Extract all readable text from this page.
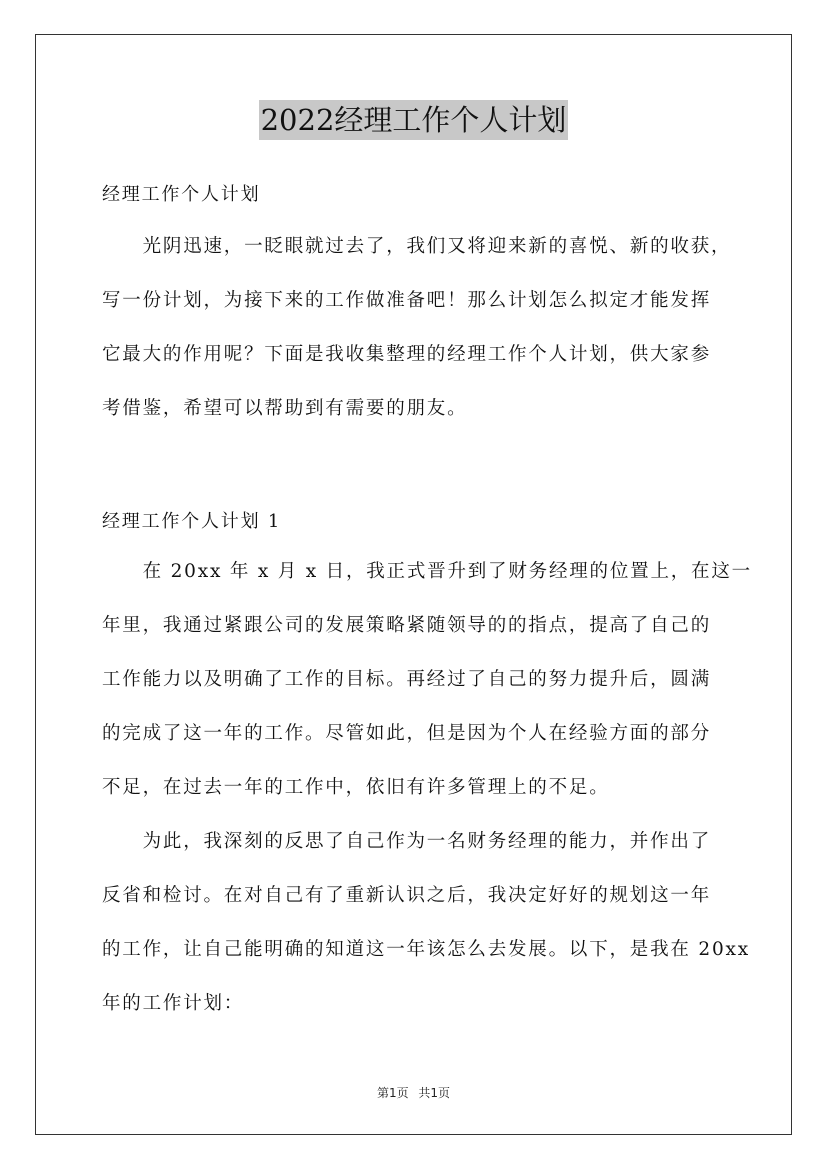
2022经理工作个人计划

经理工作个人计划

　　光阴迅速，一眨眼就过去了，我们又将迎来新的喜悦、新的收获，
写一份计划，为接下来的工作做准备吧！那么计划怎么拟定才能发挥
它最大的作用呢？下面是我收集整理的经理工作个人计划，供大家参
考借鉴，希望可以帮助到有需要的朋友。

经理工作个人计划 1

　　在 20xx 年 x 月 x 日，我正式晋升到了财务经理的位置上，在这一
年里，我通过紧跟公司的发展策略紧随领导的的指点，提高了自己的
工作能力以及明确了工作的目标。再经过了自己的努力提升后，圆满
的完成了这一年的工作。尽管如此，但是因为个人在经验方面的部分
不足，在过去一年的工作中，依旧有许多管理上的不足。
　　为此，我深刻的反思了自己作为一名财务经理的能力，并作出了
反省和检讨。在对自己有了重新认识之后，我决定好好的规划这一年
的工作，让自己能明确的知道这一年该怎么去发展。以下，是我在 20xx
年的工作计划：
第1页 共1页
